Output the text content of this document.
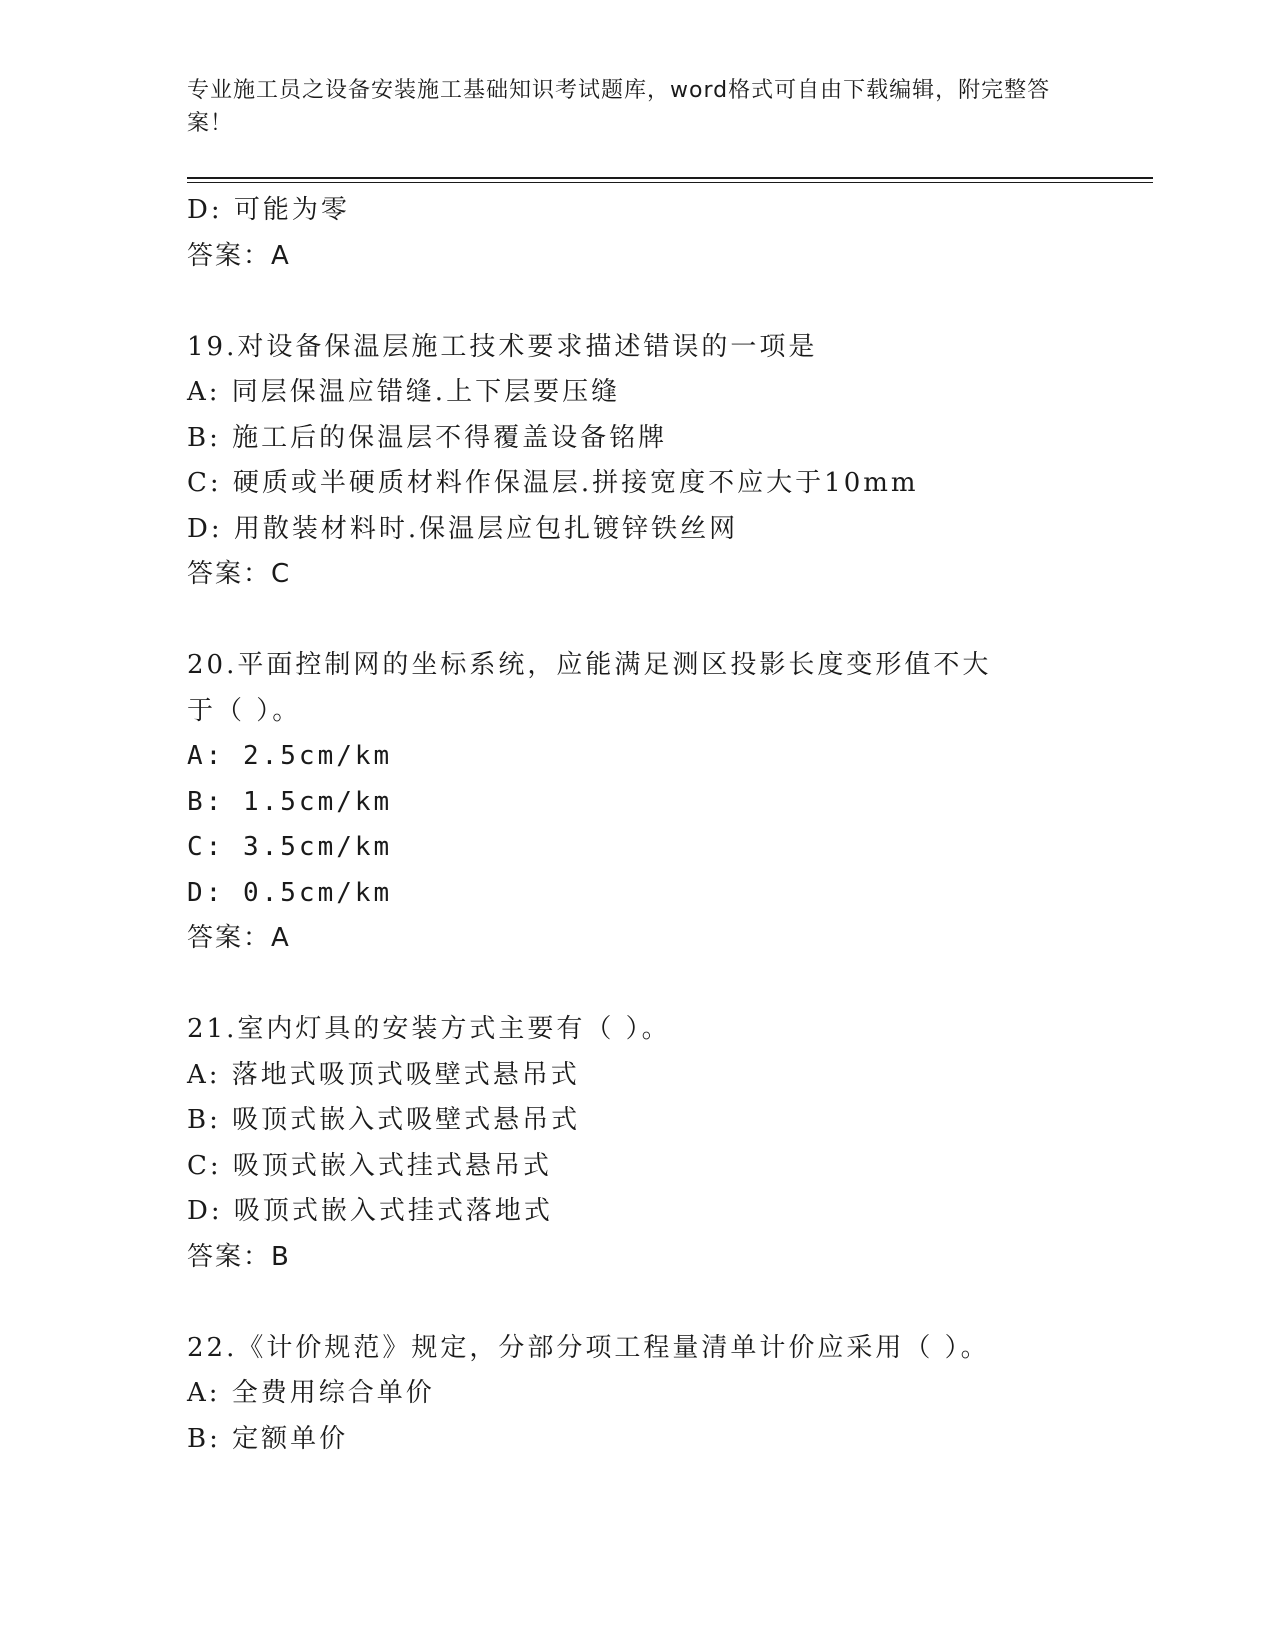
专业施工员之设备安装施工基础知识考试题库，word格式可自由下载编辑，附完整答案！
D: 可能为零
答案：A
19.对设备保温层施工技术要求描述错误的一项是
A: 同层保温应错缝.上下层要压缝
B: 施工后的保温层不得覆盖设备铭牌
C: 硬质或半硬质材料作保温层.拼接宽度不应大于10mm
D: 用散装材料时.保温层应包扎镀锌铁丝网
答案：C
20.平面控制网的坐标系统，应能满足测区投影长度变形值不大于（ ）。
A: 2.5cm/km
B: 1.5cm/km
C: 3.5cm/km
D: 0.5cm/km
答案：A
21.室内灯具的安装方式主要有（ ）。
A: 落地式吸顶式吸壁式悬吊式
B: 吸顶式嵌入式吸壁式悬吊式
C: 吸顶式嵌入式挂式悬吊式
D: 吸顶式嵌入式挂式落地式
答案：B
22.《计价规范》规定，分部分项工程量清单计价应采用（ ）。
A: 全费用综合单价
B: 定额单价
